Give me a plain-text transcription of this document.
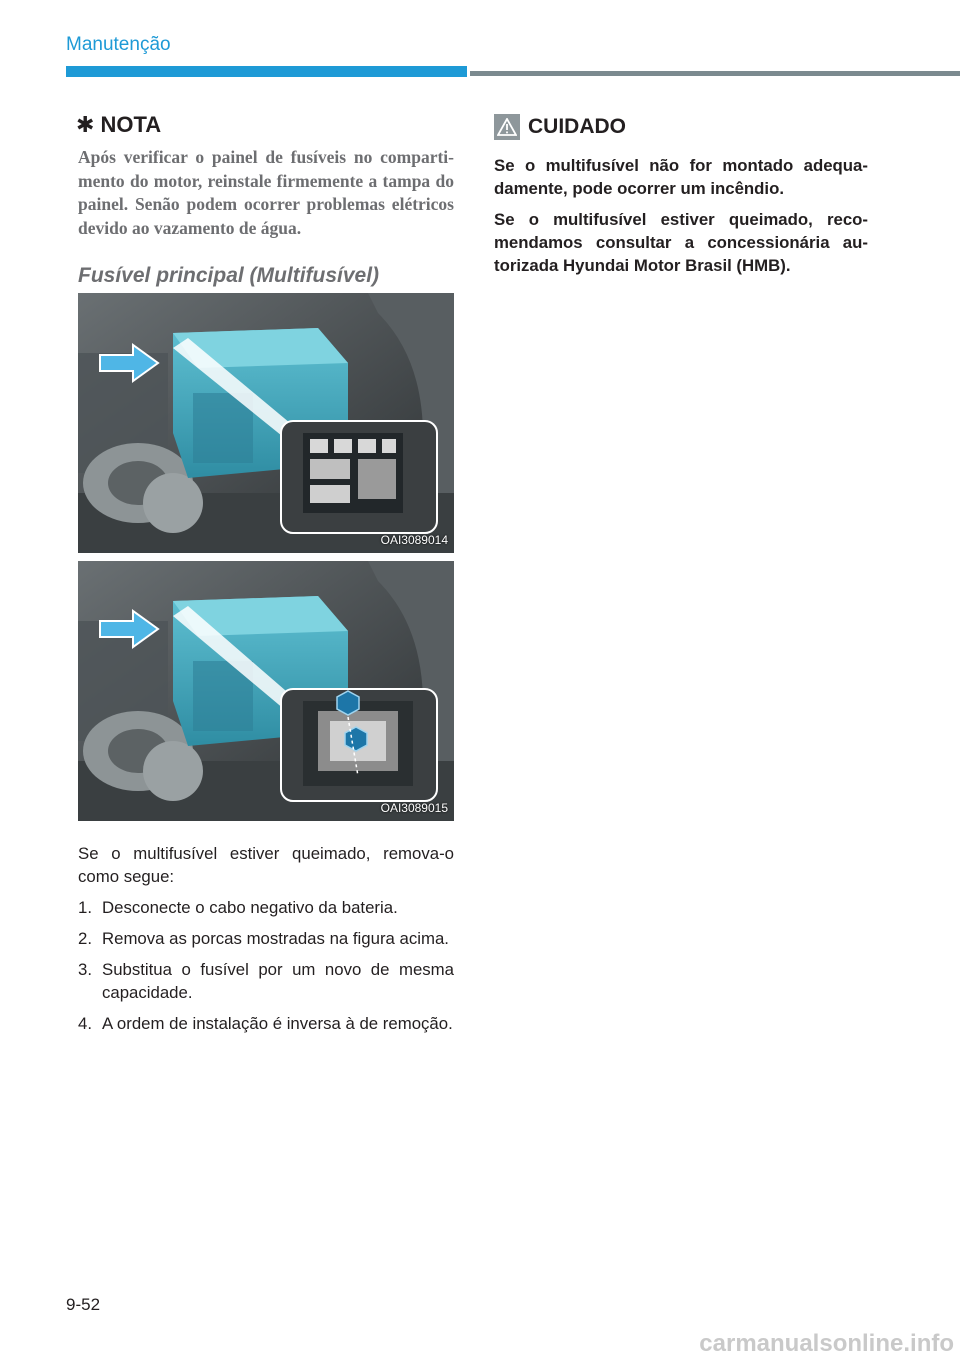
Manutenção
✱ NOTA

Após verificar o painel de fusíveis no compartimento do motor, reinstale firmemente a tampa do painel. Senão podem ocorrer problemas elétricos devido ao vazamento de água.

Fusível principal (Multifusível)
OAI3089014
OAI3089015

Se o multifusível estiver queimado, remova-o como segue:

1. Desconecte o cabo negativo da bateria.
2. Remova as porcas mostradas na figura acima.
3. Substitua o fusível por um novo de mesma capacidade.
4. A ordem de instalação é inversa à de remoção.
CUIDADO

Se o multifusível não for montado adequadamente, pode ocorrer um incêndio.

Se o multifusível estiver queimado, recomendamos consultar a concessionária autorizada Hyundai Motor Brasil (HMB).

9-52
carmanualsonline.info
